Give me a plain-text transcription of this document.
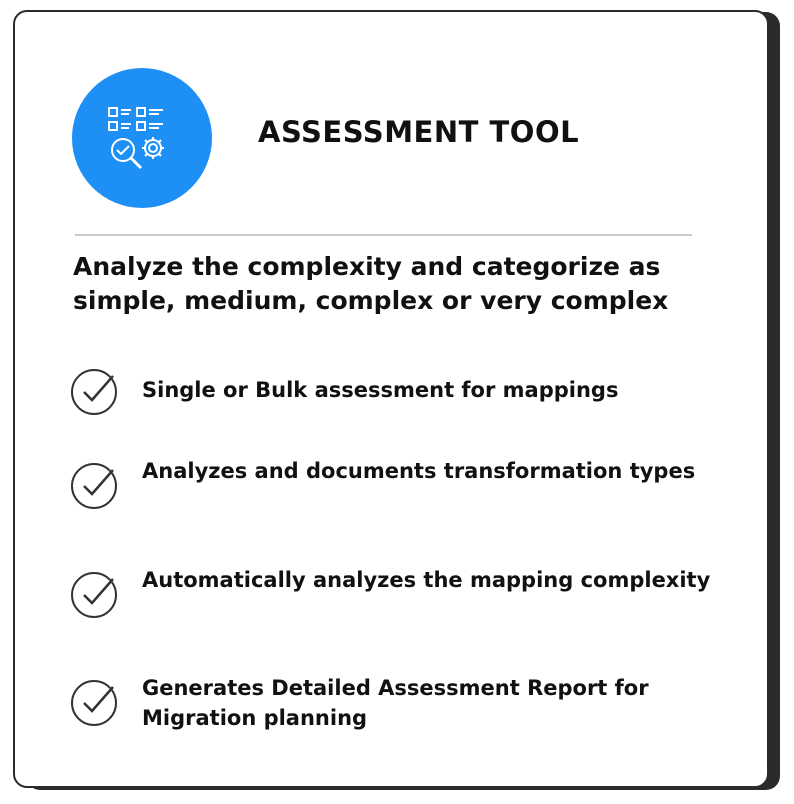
ASSESSMENT TOOL
Analyze the complexity and categorize as simple, medium, complex or very complex
Single or Bulk assessment for mappings
Analyzes and documents transformation types
Automatically analyzes the mapping complexity
Generates Detailed Assessment Report for Migration planning
